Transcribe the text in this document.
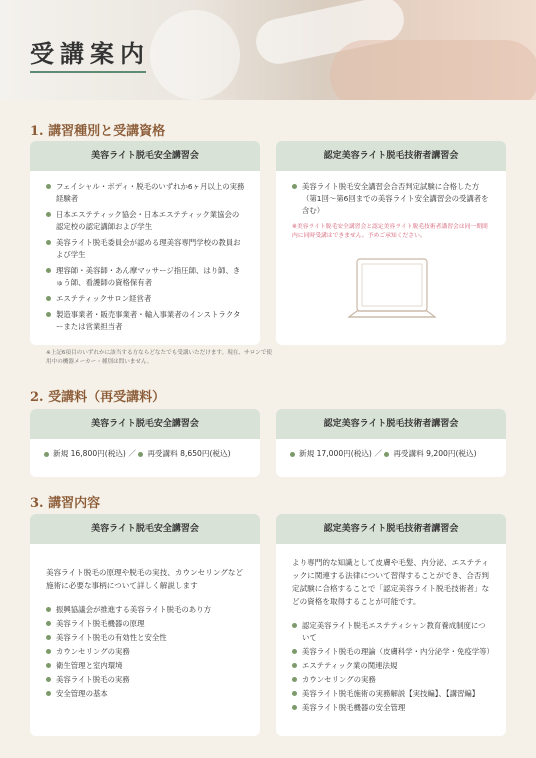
受講案内
1. 講習種別と受講資格
美容ライト脱毛安全講習会
フェイシャル・ボディ・脱毛のいずれか6ヶ月以上の実務経験者
日本エステティック協会・日本エステティック業協会の認定校の認定講師および学生
美容ライト脱毛委員会が認める理美容専門学校の教員および学生
理容師・美容師・あん摩マッサージ指圧師、はり師、きゅう師、看護師の資格保有者
エステティックサロン経営者
製造事業者・販売事業者・輸入事業者のインストラクターまたは営業担当者
認定美容ライト脱毛技術者講習会
美容ライト脱毛安全講習会合否判定試験に合格した方（第1回〜第6回までの美容ライト安全講習会の受講者を含む）
※美容ライト脱毛安全講習会と認定美容ライト脱毛技術者講習会は同一期間内に同時受講はできません。予めご承知ください。
※上記6項目のいずれかに該当する方ならどなたでも受講いただけます。現在、サロンで使用中の機器メーカー・種別は問いません。
2. 受講料（再受講料）
美容ライト脱毛安全講習会
新規 16,800円(税込) ／ 再受講料 8,650円(税込)
認定美容ライト脱毛技術者講習会
新規 17,000円(税込) ／ 再受講料 9,200円(税込)
3. 講習内容
美容ライト脱毛安全講習会
美容ライト脱毛の原理や脱毛の実技、カウンセリングなど施術に必要な事柄について詳しく解説します
振興協議会が推進する美容ライト脱毛のあり方
美容ライト脱毛機器の原理
美容ライト脱毛の有効性と安全性
カウンセリングの実務
衛生管理と室内環境
美容ライト脱毛の実務
安全管理の基本
認定美容ライト脱毛技術者講習会
より専門的な知識として皮膚や毛髪、内分泌、エステティックに関連する法律について習得することができ、合否判定試験に合格することで「認定美容ライト脱毛技術者」などの資格を取得することが可能です。
認定美容ライト脱毛エステティシャン教育養成制度について
美容ライト脱毛の理論（皮膚科学・内分泌学・免疫学等）
エステティック業の関連法規
カウンセリングの実務
美容ライト脱毛施術の実務解説【実技編】、【講習編】
美容ライト脱毛機器の安全管理
